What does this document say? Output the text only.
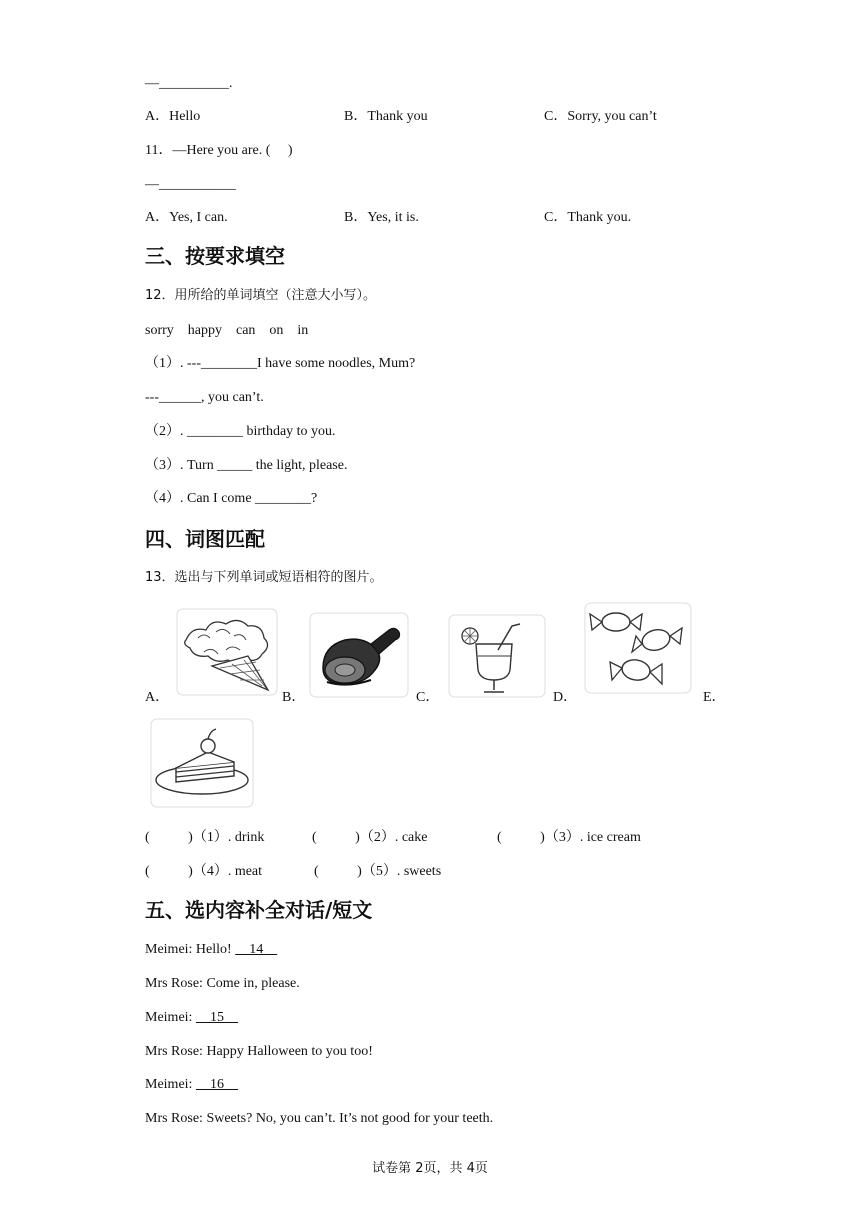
—__________.
A．Hello	B．Thank you	C．Sorry, you can’t
11．—Here you are. (     )
—___________
A．Yes, I can.	B．Yes, it is.	C．Thank you.
三、按要求填空
12．用所给的单词填空（注意大小写）。
sorry    happy    can    on    in
（1）. ---________I have some noodles, Mum?
---______, you can’t.
（2）. ________ birthday to you.
（3）. Turn _____ the light, please.
（4）. Can I come ________?
四、词图匹配
13．选出与下列单词或短语相符的图片。
A．	B．	C．	D．	E．
(           )（1）. drink	(           )（2）. cake	(           )（3）. ice cream
(           )（4）. meat	(           )（5）. sweets
五、选内容补全对话/短文
Meimei: Hello!     14
Mrs Rose: Come in, please.
Meimei:     15
Mrs Rose: Happy Halloween to you too!
Meimei:     16
Mrs Rose: Sweets? No, you can’t. It’s not good for your teeth.
试卷第 2页，共 4页
